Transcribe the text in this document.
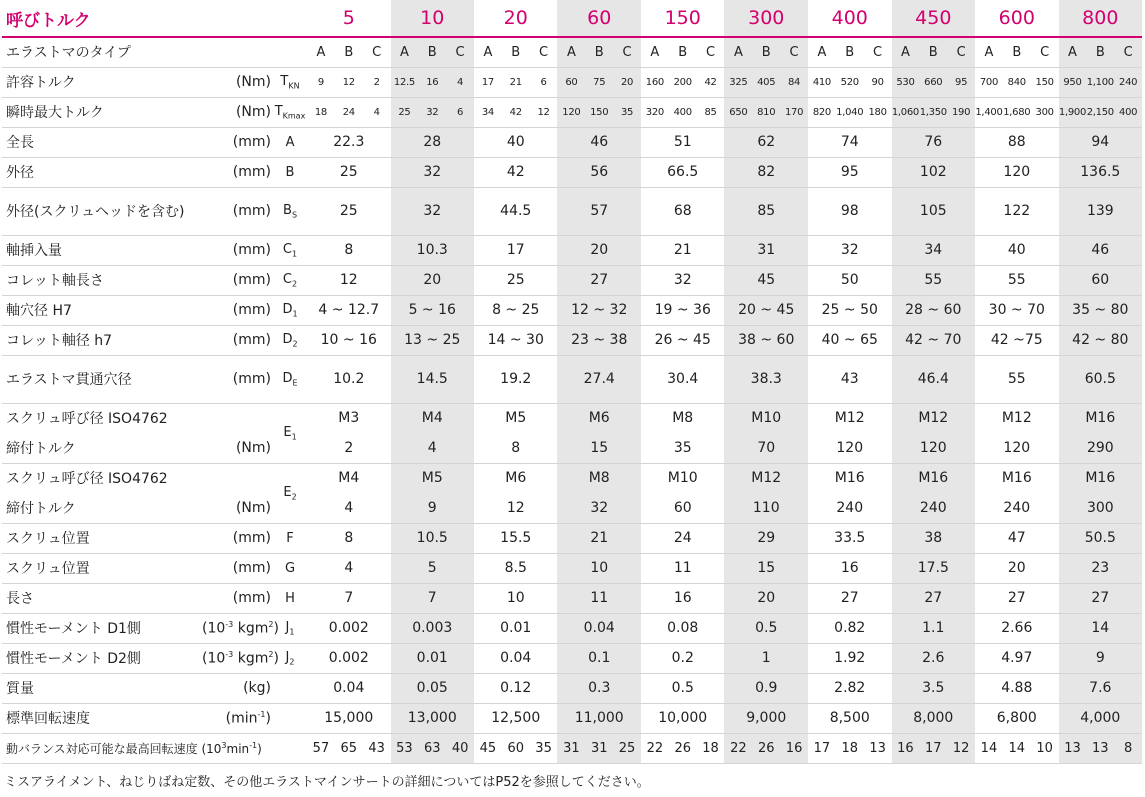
呼びトルク			5			10			20			60			150			300			400			450			600			800		
エラストマのタイプ			A	B	C	A	B	C	A	B	C	A	B	C	A	B	C	A	B	C	A	B	C	A	B	C	A	B	C	A	B	C
許容トルク	(Nm)	$T_{KN}$	9	12	2	12.5	16	4	17	21	6	60	75	20	160	200	42	325	405	84	410	520	90	530	660	95	700	840	150	950	1,100	240
瞬時最大トルク	(Nm)	$T_{Kmax}$	18	24	4	25	32	6	34	42	12	120	150	35	320	400	85	650	810	170	820	1,040	180	1,060	1,350	190	1,400	1,680	300	1,900	2,150	400
全長	(mm)	A	22.3			28			40			46			51			62			74			76			88			94		
外径	(mm)	B	25			32			42			56			66.5			82			95			102			120			136.5		
外径(スクリュヘッドを含む)	(mm)	$B_S$	25			32			44.5			57			68			85			98			105			122			139		
軸挿入量	(mm)	$C_1$	8			10.3			17			20			21			31			32			34			40			46		
コレット軸長さ	(mm)	$C_2$	12			20			25			27			32			45			50			55			55			60		
軸穴径 H7	(mm)	$D_1$	4 ~ 12.7			5 ~ 16			8 ~ 25			12 ~ 32			19 ~ 36			20 ~ 45			25 ~ 50			28 ~ 60			30 ~ 70			35 ~ 80		
コレット軸径 h7	(mm)	$D_2$	10 ~ 16			13 ~ 25			14 ~ 30			23 ~ 38			26 ~ 45			38 ~ 60			40 ~ 65			42 ~ 70			42 ~75			42 ~ 80		
エラストマ貫通穴径	(mm)	$D_E$	10.2			14.5			19.2			27.4			30.4			38.3			43			46.4			55			60.5		
スクリュ呼び径 ISO4762		$E_1$	M3			M4			M5			M6			M8			M10			M12			M12			M12			M16		
締付トルク	(Nm)		2			4			8			15			35			70			120			120			120			290		
スクリュ呼び径 ISO4762		$E_2$	M4			M5			M6			M8			M10			M12			M16			M16			M16			M16		
締付トルク	(Nm)		4			9			12			32			60			110			240			240			240			300		
スクリュ位置	(mm)	F	8			10.5			15.5			21			24			29			33.5			38			47			50.5		
スクリュ位置	(mm)	G	4			5			8.5			10			11			15			16			17.5			20			23		
長さ	(mm)	H	7			7			10			11			16			20			27			27			27			27		
慣性モーメント D1側	($10^{-3}$ kgm$^2$)	$J_1$	0.002			0.003			0.01			0.04			0.08			0.5			0.82			1.1			2.66			14		
慣性モーメント D2側	($10^{-3}$ kgm$^2$)	$J_2$	0.002			0.01			0.04			0.1			0.2			1			1.92			2.6			4.97			9		
質量	(kg)		0.04			0.05			0.12			0.3			0.5			0.9			2.82			3.5			4.88			7.6		
標準回転速度	$(\min^{-1})$		15,000			13,000			12,500			11,000			10,000			9,000			8,500			8,000			6,800			4,000		
動バランス対応可能な最高回転速度 $(10^3\min^{-1})$			57	65	43	53	63	40	45	60	35	31	31	25	22	26	18	22	26	16	17	18	13	16	17	12	14	14	10	13	13	8
ミスアライメント、ねじりばね定数、その他エラストマインサートの詳細についてはP52を参照してください。
